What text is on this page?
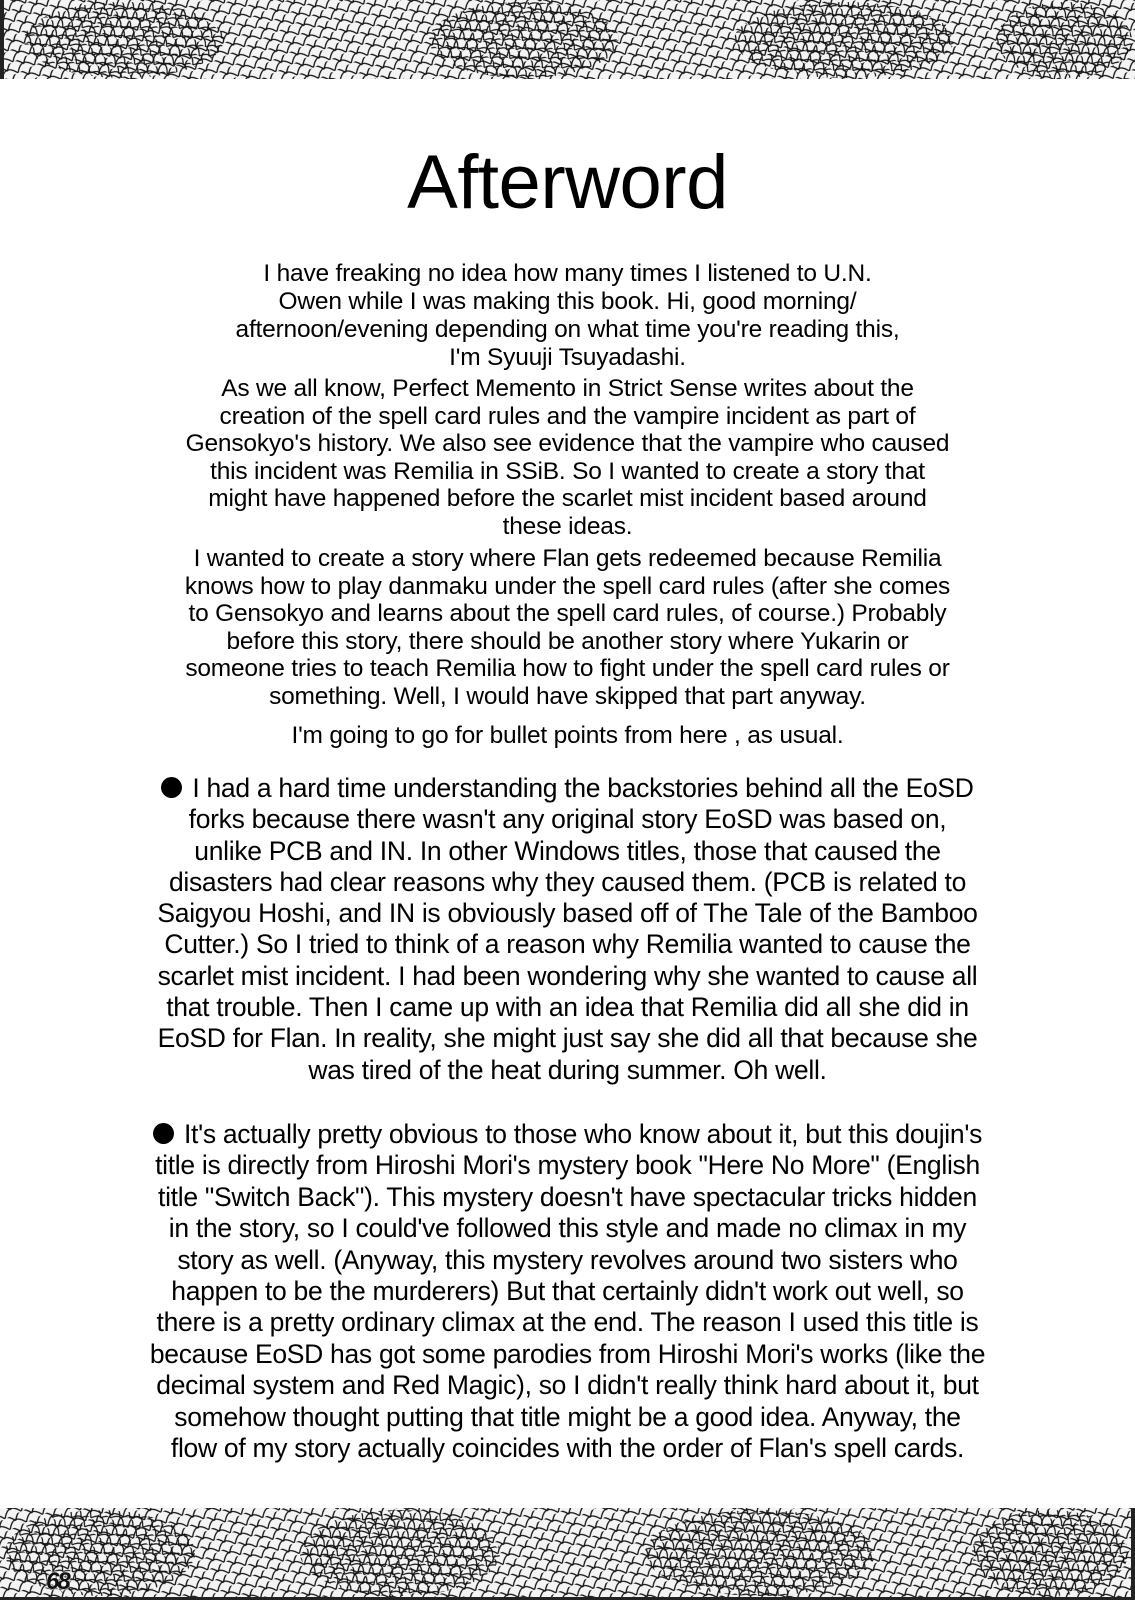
Afterword
I have freaking no idea how many times I listened to U.N.
Owen while I was making this book. Hi, good morning/
afternoon/evening depending on what time you're reading this,
I'm Syuuji Tsuyadashi.
As we all know, Perfect Memento in Strict Sense writes about the
creation of the spell card rules and the vampire incident as part of
Gensokyo's history. We also see evidence that the vampire who caused
this incident was Remilia in SSiB. So I wanted to create a story that
might have happened before the scarlet mist incident based around
these ideas.
I wanted to create a story where Flan gets redeemed because Remilia
knows how to play danmaku under the spell card rules (after she comes
to Gensokyo and learns about the spell card rules, of course.) Probably
before this story, there should be another story where Yukarin or
someone tries to teach Remilia how to fight under the spell card rules or
something. Well, I would have skipped that part anyway.
I'm going to go for bullet points from here , as usual.
I had a hard time understanding the backstories behind all the EoSD
forks because there wasn't any original story EoSD was based on,
unlike PCB and IN. In other Windows titles, those that caused the
disasters had clear reasons why they caused them. (PCB is related to
Saigyou Hoshi, and IN is obviously based off of The Tale of the Bamboo
Cutter.) So I tried to think of a reason why Remilia wanted to cause the
scarlet mist incident. I had been wondering why she wanted to cause all
that trouble. Then I came up with an idea that Remilia did all she did in
EoSD for Flan. In reality, she might just say she did all that because she
was tired of the heat during summer. Oh well.
It's actually pretty obvious to those who know about it, but this doujin's
title is directly from Hiroshi Mori's mystery book "Here No More" (English
title "Switch Back"). This mystery doesn't have spectacular tricks hidden
in the story, so I could've followed this style and made no climax in my
story as well. (Anyway, this mystery revolves around two sisters who
happen to be the murderers) But that certainly didn't work out well, so
there is a pretty ordinary climax at the end. The reason I used this title is
because EoSD has got some parodies from Hiroshi Mori's works (like the
decimal system and Red Magic), so I didn't really think hard about it, but
somehow thought putting that title might be a good idea. Anyway, the
flow of my story actually coincides with the order of Flan's spell cards.
68
